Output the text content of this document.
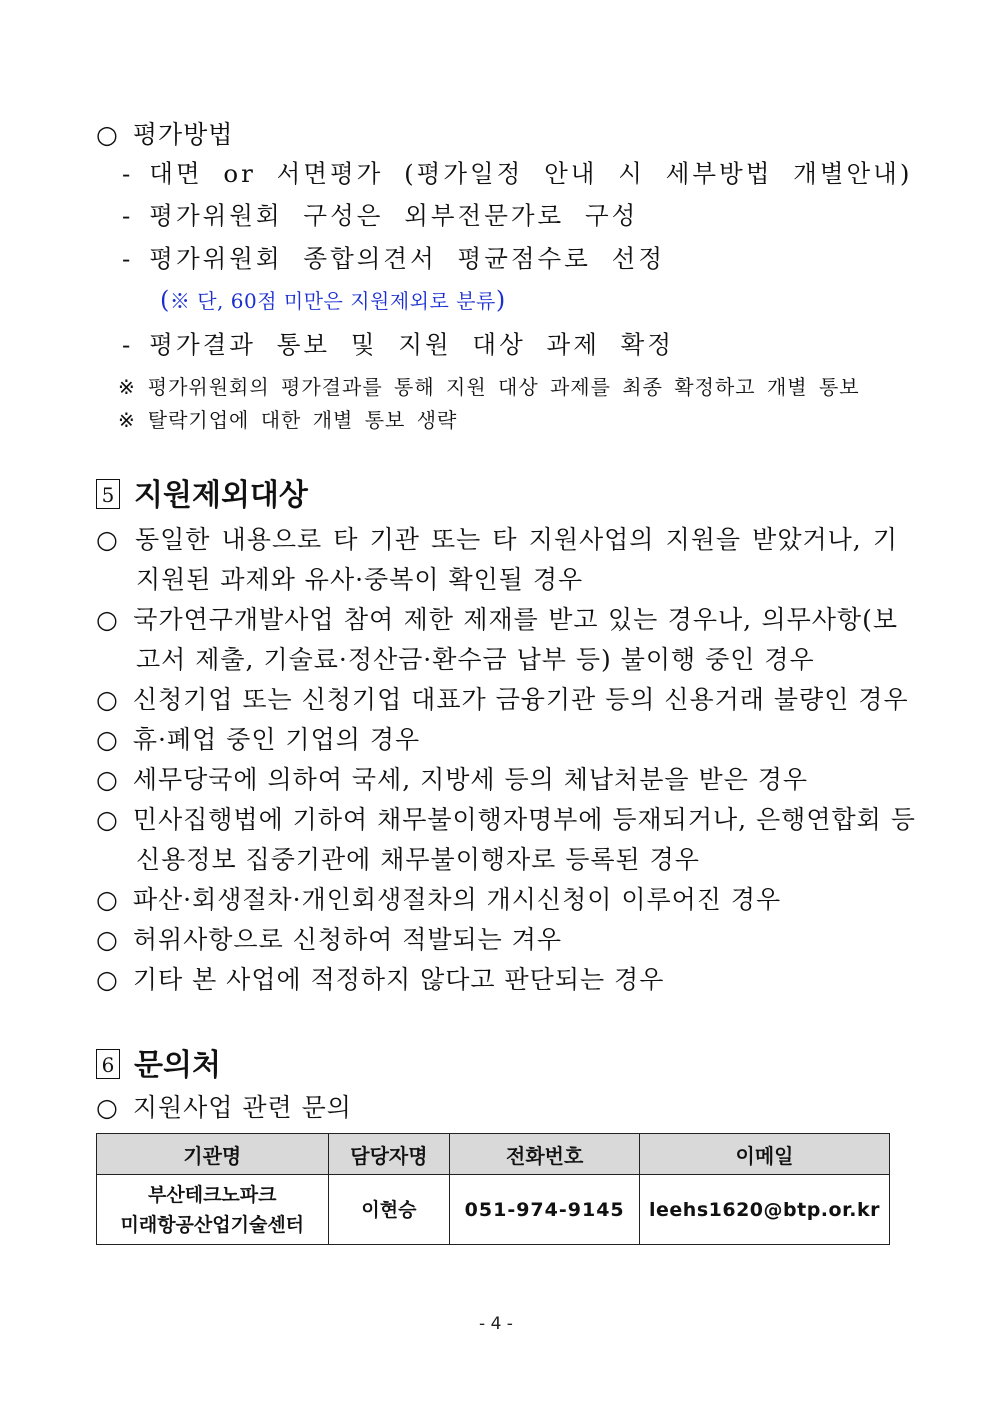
○ 평가방법
- 대면 or 서면평가 (평가일정 안내 시 세부방법 개별안내)
- 평가위원회 구성은 외부전문가로 구성
- 평가위원회 종합의견서 평균점수로 선정
(※ 단, 60점 미만은 지원제외로 분류)
- 평가결과 통보 및 지원 대상 과제 확정
※ 평가위원회의 평가결과를 통해 지원 대상 과제를 최종 확정하고 개별 통보
※ 탈락기업에 대한 개별 통보 생략
5 지원제외대상
○ 동일한 내용으로 타 기관 또는 타 지원사업의 지원을 받았거나, 기
지원된 과제와 유사·중복이 확인될 경우
○ 국가연구개발사업 참여 제한 제재를 받고 있는 경우나, 의무사항(보
고서 제출, 기술료·정산금·환수금 납부 등) 불이행 중인 경우
○ 신청기업 또는 신청기업 대표가 금융기관 등의 신용거래 불량인 경우
○ 휴·폐업 중인 기업의 경우
○ 세무당국에 의하여 국세, 지방세 등의 체납처분을 받은 경우
○ 민사집행법에 기하여 채무불이행자명부에 등재되거나, 은행연합회 등
신용정보 집중기관에 채무불이행자로 등록된 경우
○ 파산·회생절차·개인회생절차의 개시신청이 이루어진 경우
○ 허위사항으로 신청하여 적발되는 겨우
○ 기타 본 사업에 적정하지 않다고 판단되는 경우
6 문의처
○ 지원사업 관련 문의
기관명	담당자명	전화번호	이메일

부산테크노파크
미래항공산업기술센터	이현승	051-974-9145	leehs1620@btp.or.kr
- 4 -
